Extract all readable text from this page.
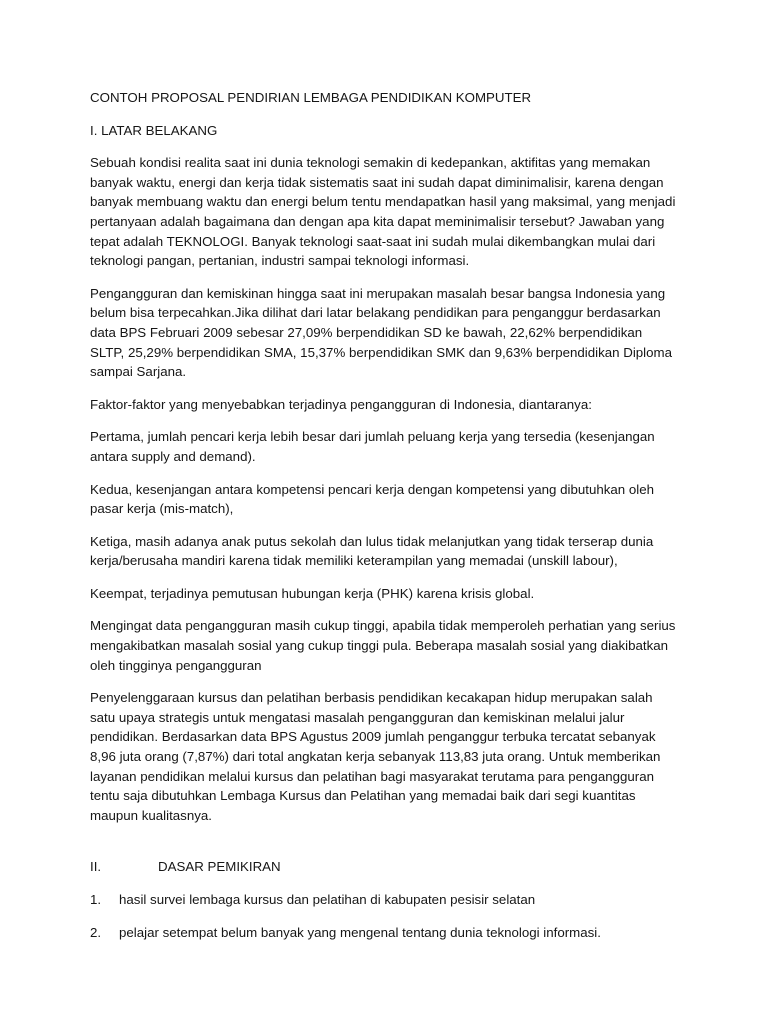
CONTOH PROPOSAL PENDIRIAN LEMBAGA PENDIDIKAN KOMPUTER
I. LATAR BELAKANG

Sebuah kondisi realita saat ini dunia teknologi semakin di kedepankan, aktifitas yang memakan banyak waktu, energi dan kerja tidak sistematis saat ini sudah dapat diminimalisir, karena dengan banyak membuang waktu dan energi belum tentu mendapatkan hasil yang maksimal, yang menjadi pertanyaan adalah bagaimana dan dengan apa kita dapat meminimalisir tersebut? Jawaban yang tepat adalah TEKNOLOGI. Banyak teknologi saat-saat ini sudah mulai dikembangkan mulai dari teknologi pangan, pertanian, industri sampai teknologi informasi.

Pengangguran dan kemiskinan hingga saat ini merupakan masalah besar bangsa Indonesia yang belum bisa terpecahkan.Jika dilihat dari latar belakang pendidikan para penganggur berdasarkan data BPS Februari 2009 sebesar 27,09% berpendidikan SD ke bawah, 22,62% berpendidikan SLTP, 25,29% berpendidikan SMA, 15,37% berpendidikan SMK dan 9,63% berpendidikan Diploma sampai Sarjana.

Faktor-faktor yang menyebabkan terjadinya pengangguran di Indonesia, diantaranya:

Pertama, jumlah pencari kerja lebih besar dari jumlah peluang kerja yang tersedia (kesenjangan antara supply and demand).

Kedua, kesenjangan antara kompetensi pencari kerja dengan kompetensi yang dibutuhkan oleh pasar kerja (mis-match),

Ketiga, masih adanya anak putus sekolah dan lulus tidak melanjutkan yang tidak terserap dunia kerja/berusaha mandiri karena tidak memiliki keterampilan yang memadai (unskill labour),

Keempat, terjadinya pemutusan hubungan kerja (PHK) karena krisis global.

Mengingat data pengangguran masih cukup tinggi, apabila tidak memperoleh perhatian yang serius mengakibatkan masalah sosial yang cukup tinggi pula. Beberapa masalah sosial yang diakibatkan oleh tingginya pengangguran

Penyelenggaraan kursus dan pelatihan berbasis pendidikan kecakapan hidup merupakan salah satu upaya strategis untuk mengatasi masalah pengangguran dan kemiskinan melalui jalur pendidikan. Berdasarkan data BPS Agustus 2009 jumlah penganggur terbuka tercatat sebanyak 8,96 juta orang (7,87%) dari total angkatan kerja sebanyak 113,83 juta orang. Untuk memberikan layanan pendidikan melalui kursus dan pelatihan bagi masyarakat terutama para pengangguran tentu saja dibutuhkan Lembaga Kursus dan Pelatihan yang memadai baik dari segi kuantitas maupun kualitasnya.

II.	DASAR PEMIKIRAN
1.	hasil survei lembaga kursus dan pelatihan di kabupaten pesisir selatan
2.	pelajar setempat belum banyak yang mengenal tentang dunia teknologi informasi.
